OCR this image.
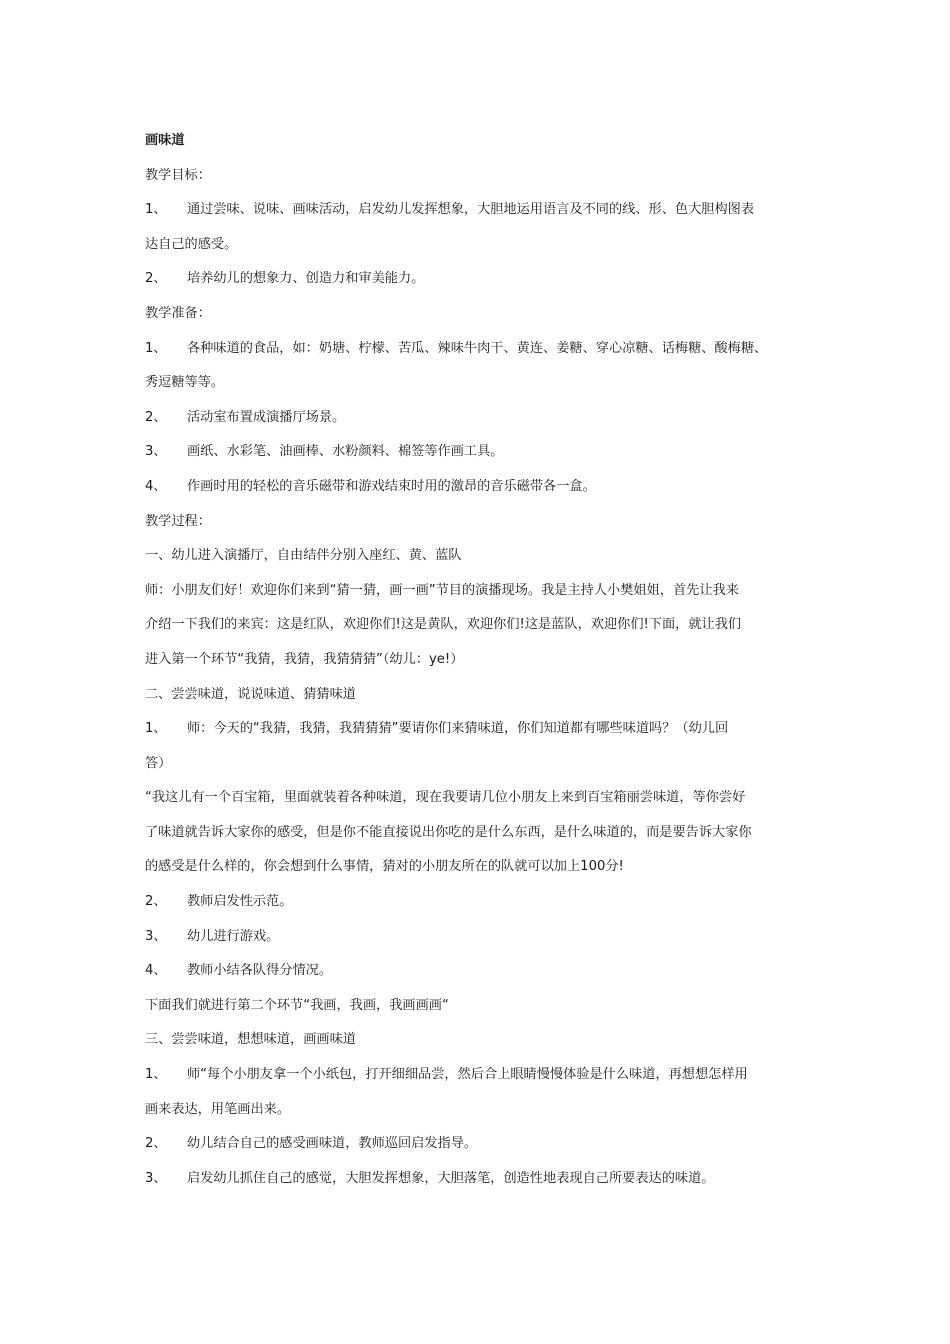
画味道
教学目标：
1、 通过尝味、说味、画味活动，启发幼儿发挥想象，大胆地运用语言及不同的线、形、色大胆构图表
达自己的感受。
2、 培养幼儿的想象力、创造力和审美能力。
教学准备：
1、 各种味道的食品，如：奶塘、柠檬、苦瓜、辣味牛肉干、黄连、姜糖、穿心凉糖、话梅糖、酸梅糖、
秀逗糖等等。
2、 活动室布置成演播厅场景。
3、 画纸、水彩笔、油画棒、水粉颜料、棉签等作画工具。
4、 作画时用的轻松的音乐磁带和游戏结束时用的激昂的音乐磁带各一盒。
教学过程：
一、幼儿进入演播厅，自由结伴分别入座红、黄、蓝队
师：小朋友们好！欢迎你们来到“猜一猜，画一画”节目的演播现场。我是主持人小樊姐姐，首先让我来
介绍一下我们的来宾：这是红队，欢迎你们!这是黄队，欢迎你们!这是蓝队，欢迎你们!下面，就让我们
进入第一个环节“我猜，我猜，我猜猜猜”（幼儿：ye!）
二、尝尝味道，说说味道、猜猜味道
1、 师：今天的“我猜，我猜，我猜猜猜”要请你们来猜味道，你们知道都有哪些味道吗？（幼儿回
答）
“我这儿有一个百宝箱，里面就装着各种味道，现在我要请几位小朋友上来到百宝箱丽尝味道，等你尝好
了味道就告诉大家你的感受，但是你不能直接说出你吃的是什么东西，是什么味道的，而是要告诉大家你
的感受是什么样的，你会想到什么事情，猜对的小朋友所在的队就可以加上100分!
2、 教师启发性示范。
3、 幼儿进行游戏。
4、 教师小结各队得分情况。
下面我们就进行第二个环节“我画，我画，我画画画“
三、尝尝味道，想想味道，画画味道
1、 师“每个小朋友拿一个小纸包，打开细细品尝，然后合上眼睛慢慢体验是什么味道，再想想怎样用
画来表达，用笔画出来。
2、 幼儿结合自己的感受画味道，教师巡回启发指导。
3、 启发幼儿抓住自己的感觉，大胆发挥想象，大胆落笔，创造性地表现自己所要表达的味道。
